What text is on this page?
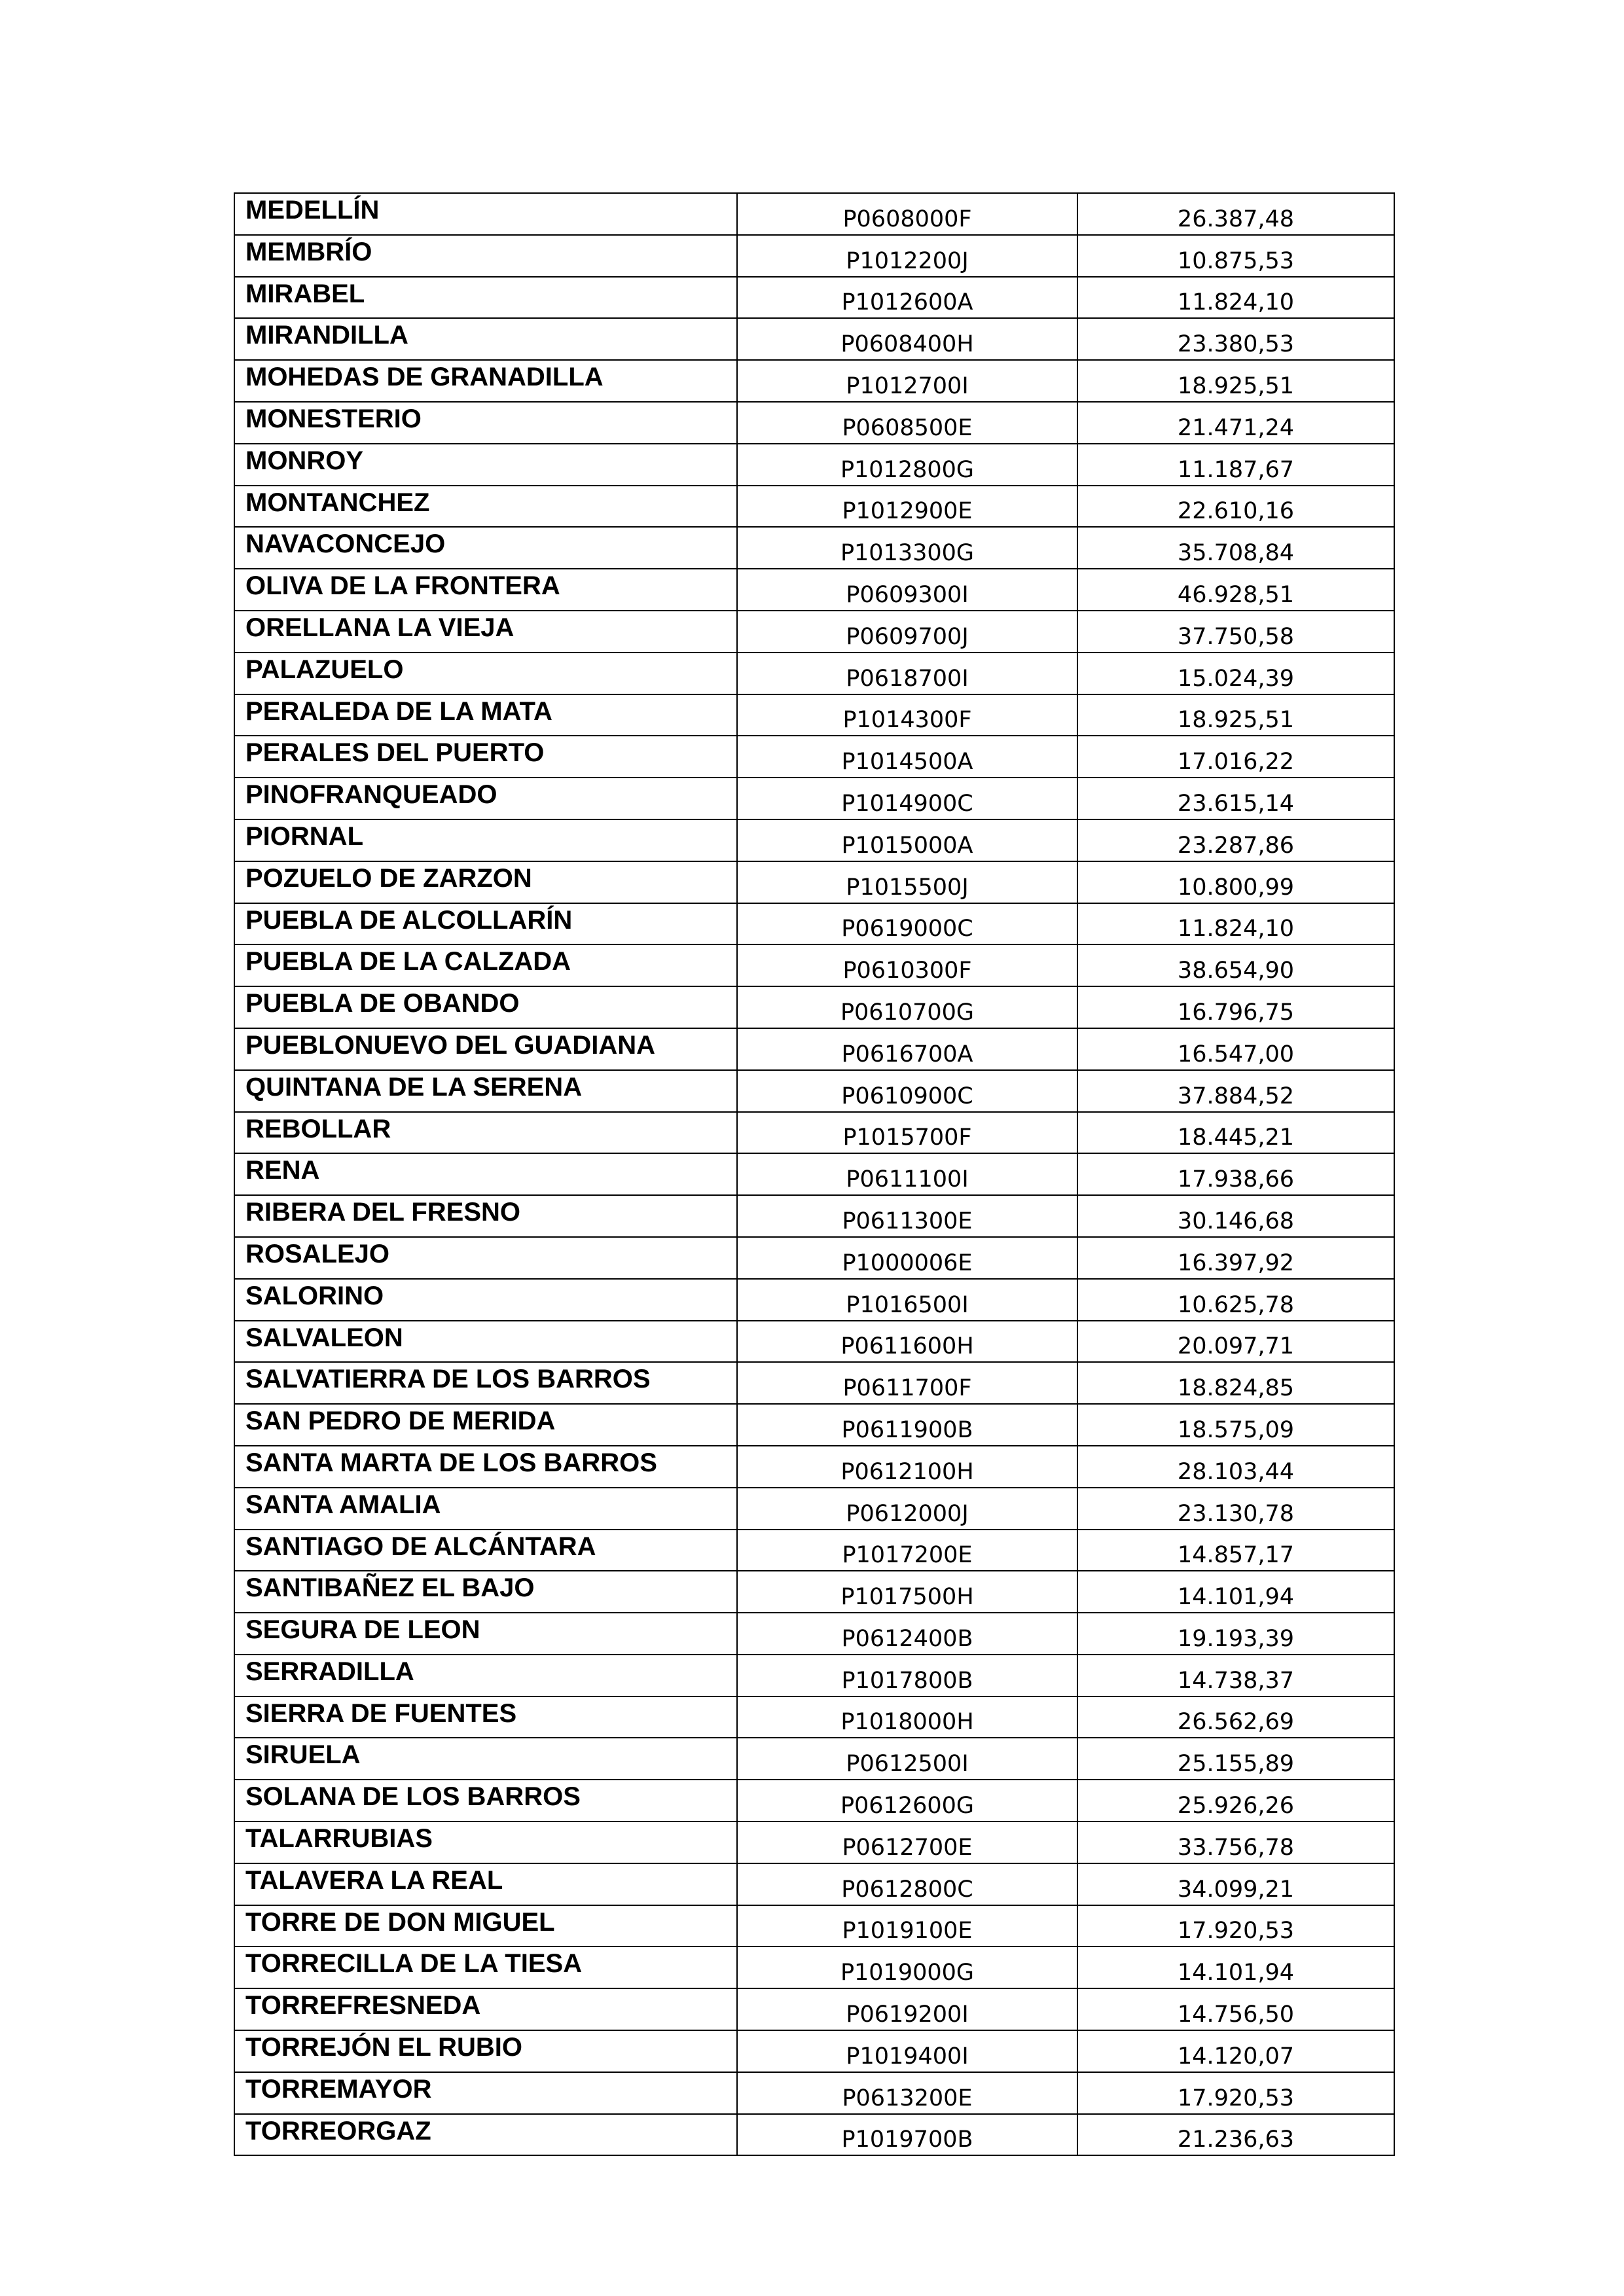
MEDELLÍN	P0608000F	26.387,48
MEMBRÍO	P1012200J	10.875,53
MIRABEL	P1012600A	11.824,10
MIRANDILLA	P0608400H	23.380,53
MOHEDAS DE GRANADILLA	P1012700I	18.925,51
MONESTERIO	P0608500E	21.471,24
MONROY	P1012800G	11.187,67
MONTANCHEZ	P1012900E	22.610,16
NAVACONCEJO	P1013300G	35.708,84
OLIVA DE LA FRONTERA	P0609300I	46.928,51
ORELLANA LA VIEJA	P0609700J	37.750,58
PALAZUELO	P0618700I	15.024,39
PERALEDA DE LA MATA	P1014300F	18.925,51
PERALES DEL PUERTO	P1014500A	17.016,22
PINOFRANQUEADO	P1014900C	23.615,14
PIORNAL	P1015000A	23.287,86
POZUELO DE ZARZON	P1015500J	10.800,99
PUEBLA DE ALCOLLARÍN	P0619000C	11.824,10
PUEBLA DE LA CALZADA	P0610300F	38.654,90
PUEBLA DE OBANDO	P0610700G	16.796,75
PUEBLONUEVO DEL GUADIANA	P0616700A	16.547,00
QUINTANA DE LA SERENA	P0610900C	37.884,52
REBOLLAR	P1015700F	18.445,21
RENA	P0611100I	17.938,66
RIBERA DEL FRESNO	P0611300E	30.146,68
ROSALEJO	P1000006E	16.397,92
SALORINO	P1016500I	10.625,78
SALVALEON	P0611600H	20.097,71
SALVATIERRA DE LOS BARROS	P0611700F	18.824,85
SAN PEDRO DE MERIDA	P0611900B	18.575,09
SANTA MARTA DE LOS BARROS	P0612100H	28.103,44
SANTA AMALIA	P0612000J	23.130,78
SANTIAGO DE ALCÁNTARA	P1017200E	14.857,17
SANTIBAÑEZ EL BAJO	P1017500H	14.101,94
SEGURA DE LEON	P0612400B	19.193,39
SERRADILLA	P1017800B	14.738,37
SIERRA DE FUENTES	P1018000H	26.562,69
SIRUELA	P0612500I	25.155,89
SOLANA DE LOS BARROS	P0612600G	25.926,26
TALARRUBIAS	P0612700E	33.756,78
TALAVERA LA REAL	P0612800C	34.099,21
TORRE DE DON MIGUEL	P1019100E	17.920,53
TORRECILLA DE LA TIESA	P1019000G	14.101,94
TORREFRESNEDA	P0619200I	14.756,50
TORREJÓN EL RUBIO	P1019400I	14.120,07
TORREMAYOR	P0613200E	17.920,53
TORREORGAZ	P1019700B	21.236,63
